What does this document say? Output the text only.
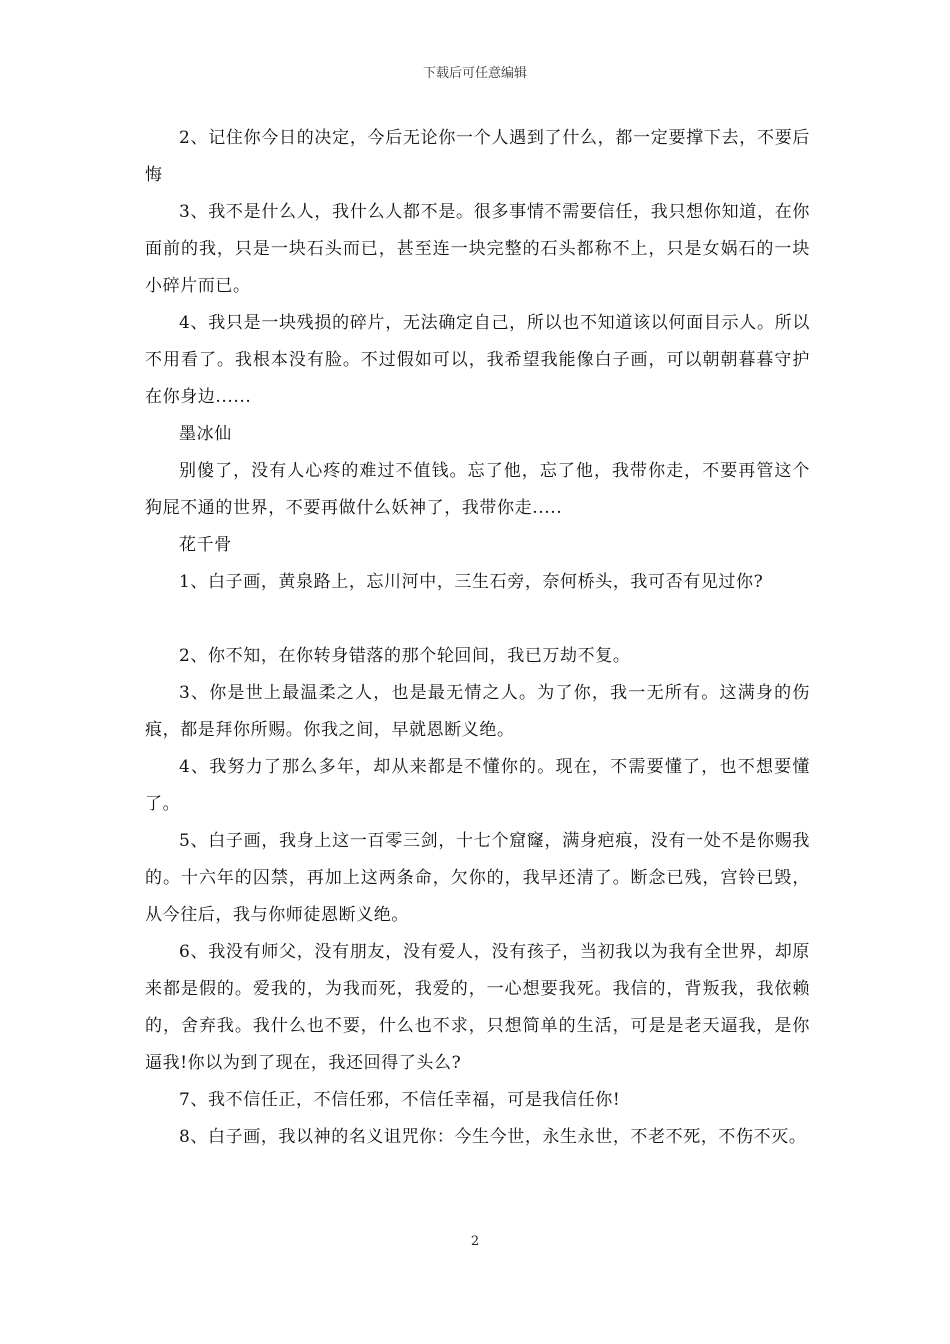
下载后可任意编辑

2、记住你今日的决定，今后无论你一个人遇到了什么，都一定要撑下去，不要后悔

3、我不是什么人，我什么人都不是。很多事情不需要信任，我只想你知道，在你面前的我，只是一块石头而已，甚至连一块完整的石头都称不上，只是女娲石的一块小碎片而已。

4、我只是一块残损的碎片，无法确定自己，所以也不知道该以何面目示人。所以不用看了。我根本没有脸。不过假如可以，我希望我能像白子画，可以朝朝暮暮守护在你身边......

墨冰仙

别傻了，没有人心疼的难过不值钱。忘了他，忘了他，我带你走，不要再管这个狗屁不通的世界，不要再做什么妖神了，我带你走.....

花千骨

1、白子画，黄泉路上，忘川河中，三生石旁，奈何桥头，我可否有见过你?

2、你不知，在你转身错落的那个轮回间，我已万劫不复。

3、你是世上最温柔之人，也是最无情之人。为了你，我一无所有。这满身的伤痕，都是拜你所赐。你我之间，早就恩断义绝。

4、我努力了那么多年，却从来都是不懂你的。现在，不需要懂了，也不想要懂了。

5、白子画，我身上这一百零三剑，十七个窟窿，满身疤痕，没有一处不是你赐我的。十六年的囚禁，再加上这两条命，欠你的，我早还清了。断念已残，宫铃已毁，从今往后，我与你师徒恩断义绝。

6、我没有师父，没有朋友，没有爱人，没有孩子，当初我以为我有全世界，却原来都是假的。爱我的，为我而死，我爱的，一心想要我死。我信的，背叛我，我依赖的，舍弃我。我什么也不要，什么也不求，只想简单的生活，可是是老天逼我，是你逼我!你以为到了现在，我还回得了头么?

7、我不信任正，不信任邪，不信任幸福，可是我信任你!

8、白子画，我以神的名义诅咒你：今生今世，永生永世，不老不死，不伤不灭。

2
